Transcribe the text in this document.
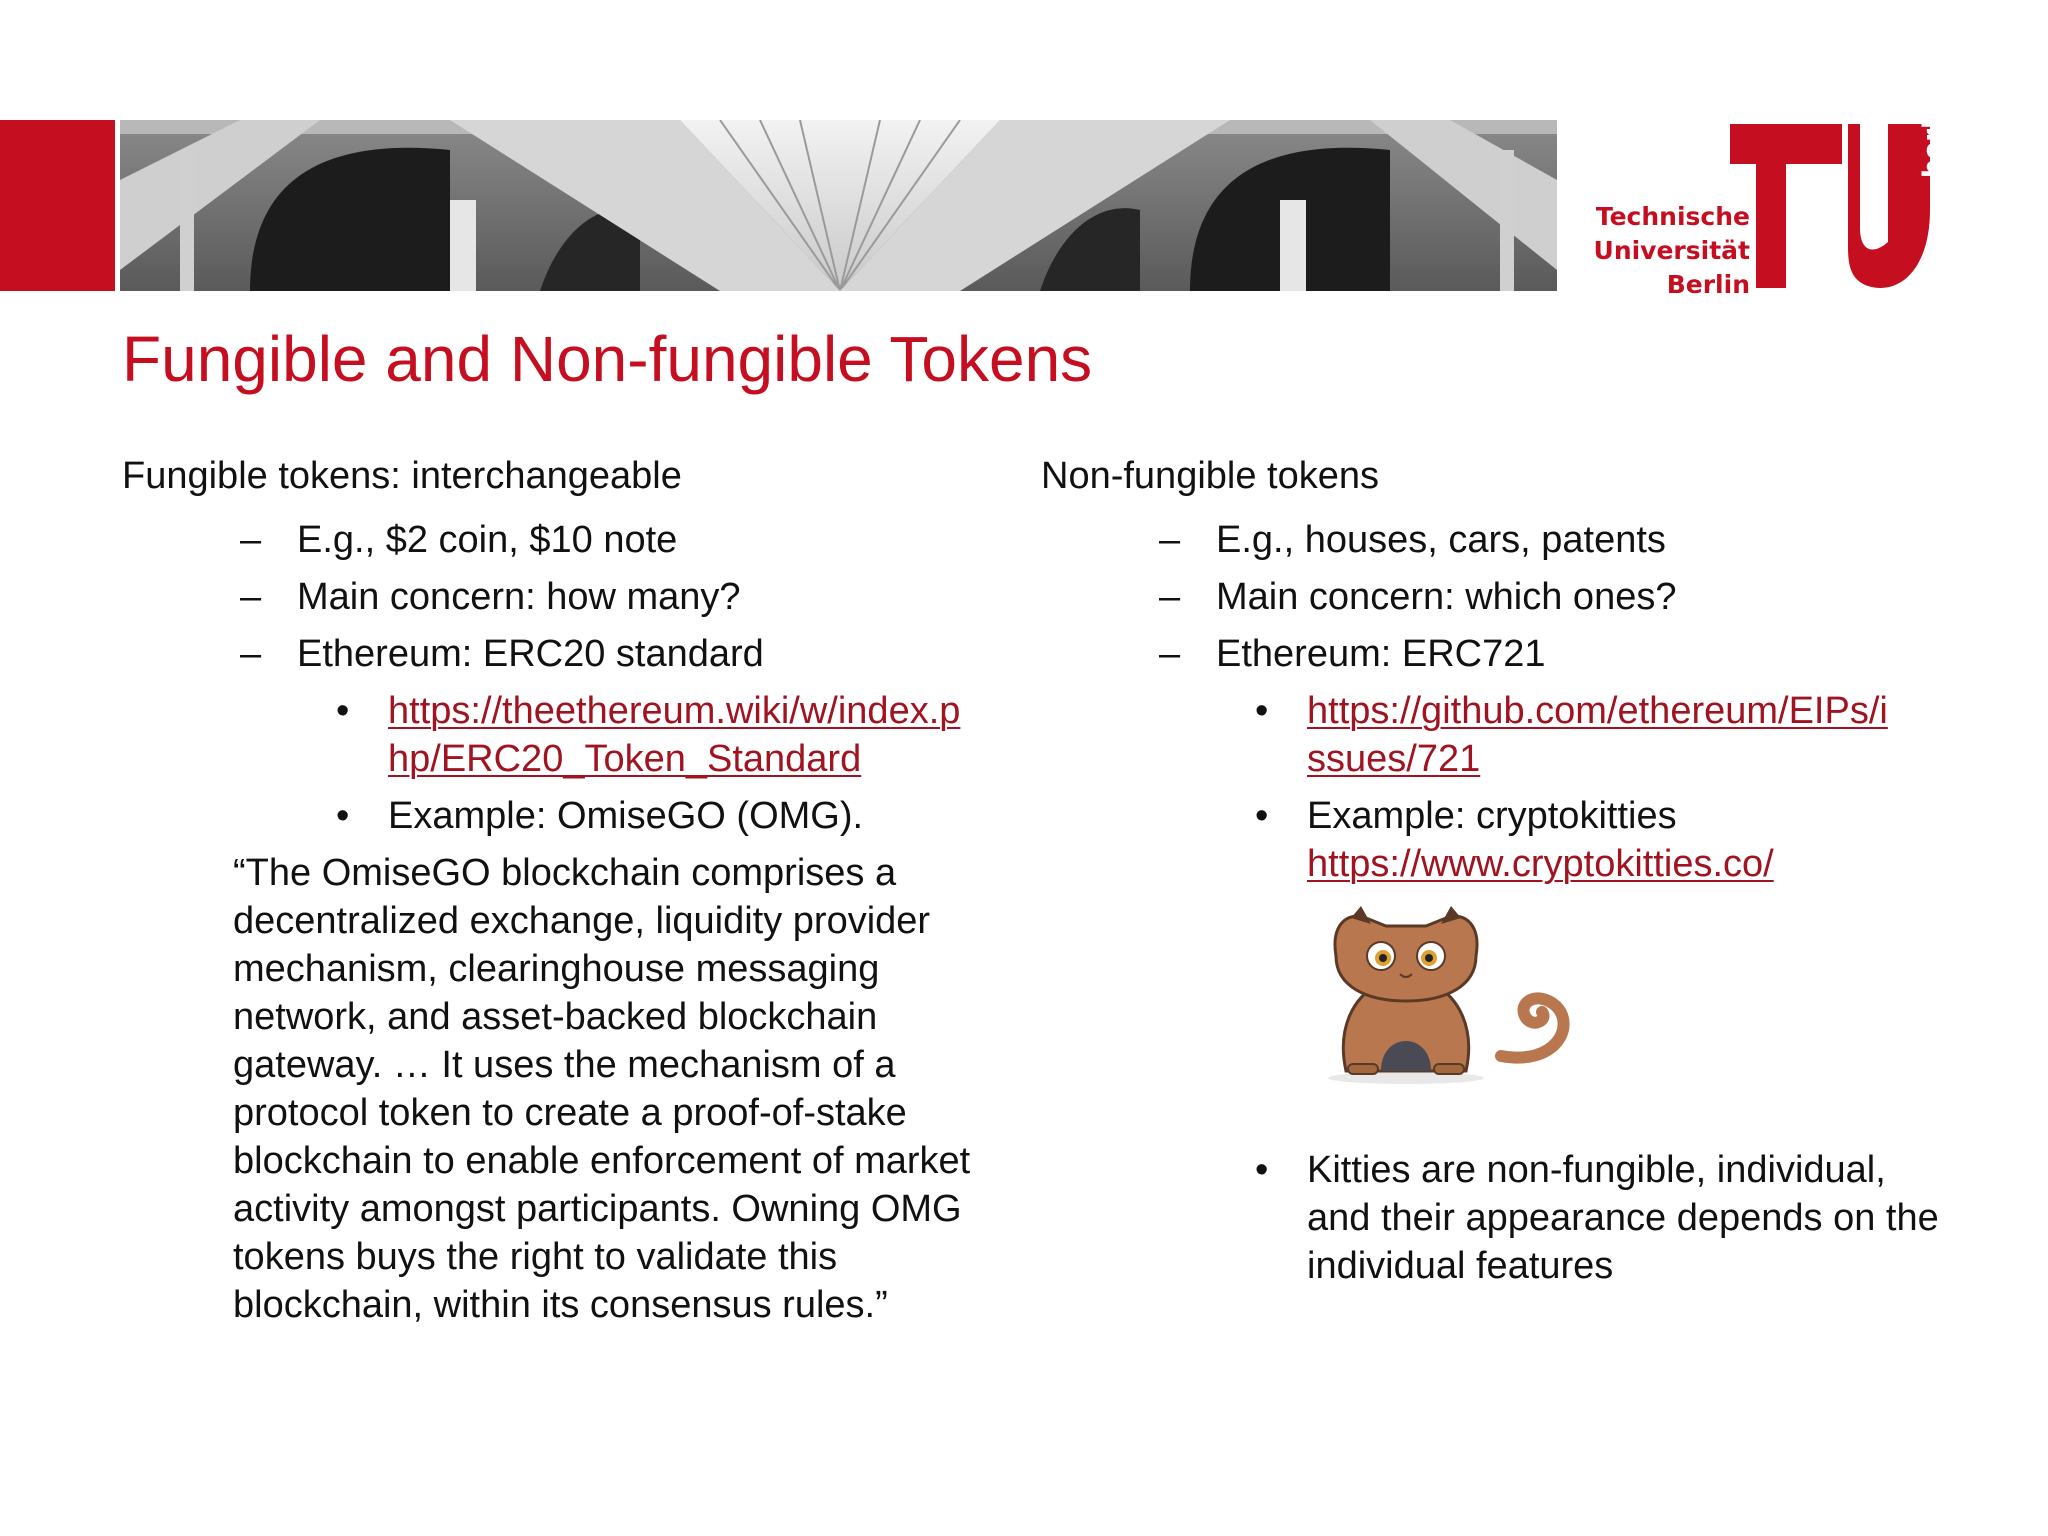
Technische
Universität
Berlin
berlin
Fungible and Non-fungible Tokens

Fungible tokens: interchangeable

– E.g., $2 coin, $10 note

– Main concern: how many?

– Ethereum: ERC20 standard

• https://theethereum.wiki/w/index.p
hp/ERC20_Token_Standard
• Example: OmiseGO (OMG).

“The OmiseGO blockchain comprises a decentralized exchange, liquidity provider mechanism, clearinghouse messaging network, and asset-backed blockchain gateway. … It uses the mechanism of a protocol token to create a proof-of-stake blockchain to enable enforcement of market activity amongst participants. Owning OMG tokens buys the right to validate this blockchain, within its consensus rules.”

Non-fungible tokens

– E.g., houses, cars, patents

– Main concern: which ones?

– Ethereum: ERC721

• https://github.com/ethereum/EIPs/i
ssues/721
• Example: cryptokitties
https://www.cryptokitties.co/
• Kitties are non-fungible, individual, and their appearance depends on the individual features
